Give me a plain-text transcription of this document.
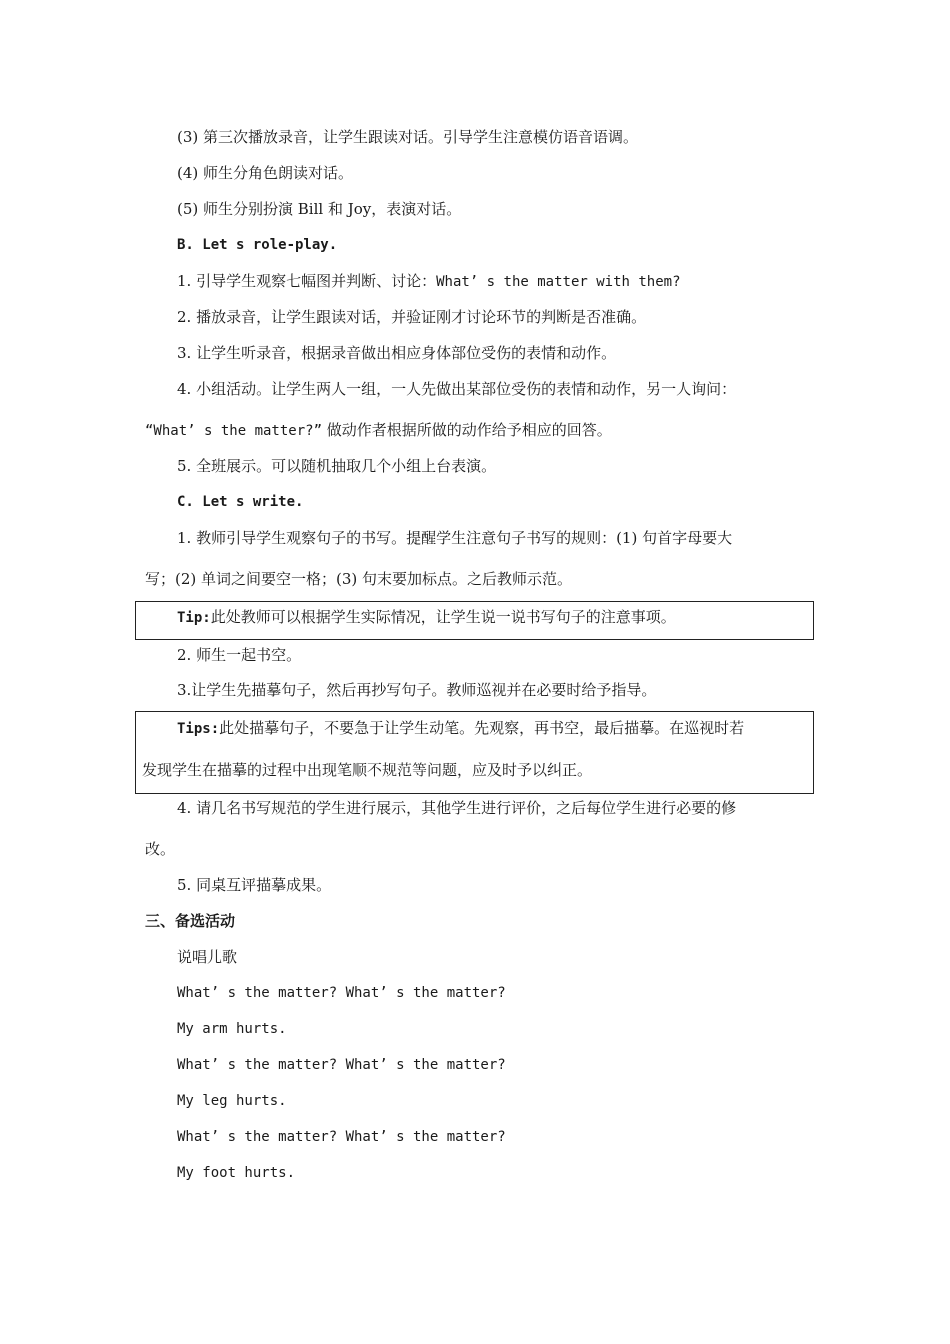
(3) 第三次播放录音，让学生跟读对话。引导学生注意模仿语音语调。
(4) 师生分角色朗读对话。
(5) 师生分别扮演 Bill 和 Joy，表演对话。
B. Let s role-play.
1. 引导学生观察七幅图并判断、讨论：What’ s the matter with them?
2. 播放录音，让学生跟读对话，并验证刚才讨论环节的判断是否准确。
3. 让学生听录音，根据录音做出相应身体部位受伤的表情和动作。
4. 小组活动。让学生两人一组，一人先做出某部位受伤的表情和动作，另一人询问：
“What’ s the matter?” 做动作者根据所做的动作给予相应的回答。
5. 全班展示。可以随机抽取几个小组上台表演。
C. Let s write.
1. 教师引导学生观察句子的书写。提醒学生注意句子书写的规则：(1) 句首字母要大
写；(2) 单词之间要空一格；(3) 句末要加标点。之后教师示范。
Tip:此处教师可以根据学生实际情况，让学生说一说书写句子的注意事项。
2. 师生一起书空。
3.让学生先描摹句子，然后再抄写句子。教师巡视并在必要时给予指导。
Tips:此处描摹句子，不要急于让学生动笔。先观察，再书空，最后描摹。在巡视时若
发现学生在描摹的过程中出现笔顺不规范等问题，应及时予以纠正。
4. 请几名书写规范的学生进行展示，其他学生进行评价，之后每位学生进行必要的修
改。
5. 同桌互评描摹成果。
三、备选活动
说唱儿歌
What’ s the matter? What’ s the matter?
My arm hurts.
What’ s the matter? What’ s the matter?
My leg hurts.
What’ s the matter? What’ s the matter?
My foot hurts.
